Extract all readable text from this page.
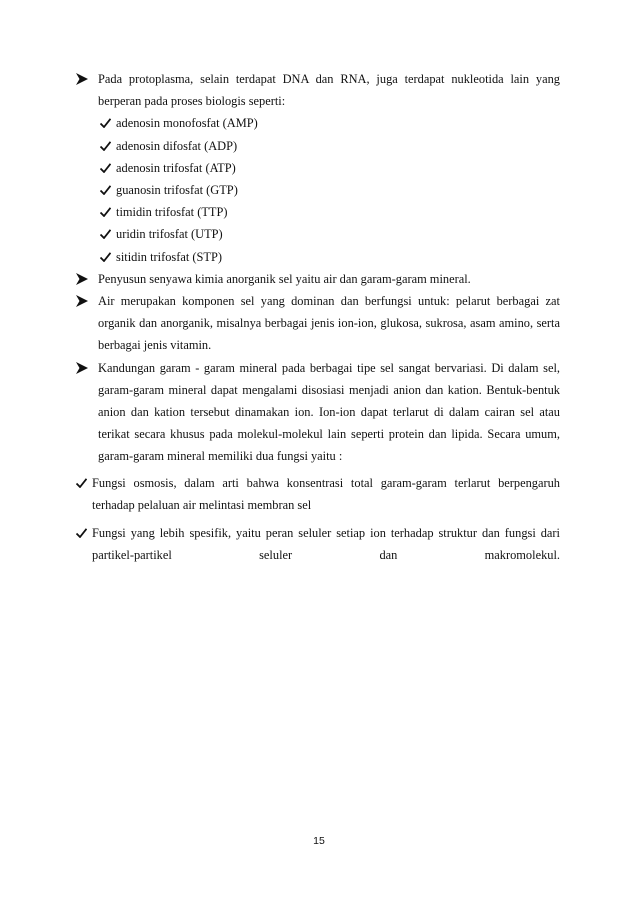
Pada protoplasma, selain terdapat DNA dan RNA, juga terdapat nukleotida lain yang berperan pada proses biologis seperti:
adenosin monofosfat (AMP)
adenosin difosfat (ADP)
adenosin trifosfat (ATP)
guanosin trifosfat (GTP)
timidin trifosfat (TTP)
uridin trifosfat (UTP)
sitidin trifosfat (STP)
Penyusun senyawa kimia anorganik sel yaitu air dan garam-garam mineral.
Air merupakan komponen sel yang dominan dan berfungsi untuk: pelarut berbagai zat organik dan anorganik, misalnya berbagai jenis ion-ion, glukosa, sukrosa, asam amino, serta berbagai jenis vitamin.
Kandungan garam - garam mineral pada berbagai tipe sel sangat bervariasi. Di dalam sel, garam-garam mineral dapat mengalami disosiasi menjadi anion dan kation. Bentuk-bentuk anion dan kation tersebut dinamakan ion. Ion-ion dapat terlarut di dalam cairan sel atau terikat secara khusus pada molekul-molekul lain seperti protein dan lipida. Secara umum, garam-garam mineral memiliki dua fungsi yaitu :
Fungsi osmosis, dalam arti bahwa konsentrasi total garam-garam terlarut berpengaruh terhadap pelaluan air melintasi membran sel
Fungsi yang lebih spesifik, yaitu peran seluler setiap ion terhadap struktur dan fungsi dari partikel-partikel seluler dan makromolekul.
15
